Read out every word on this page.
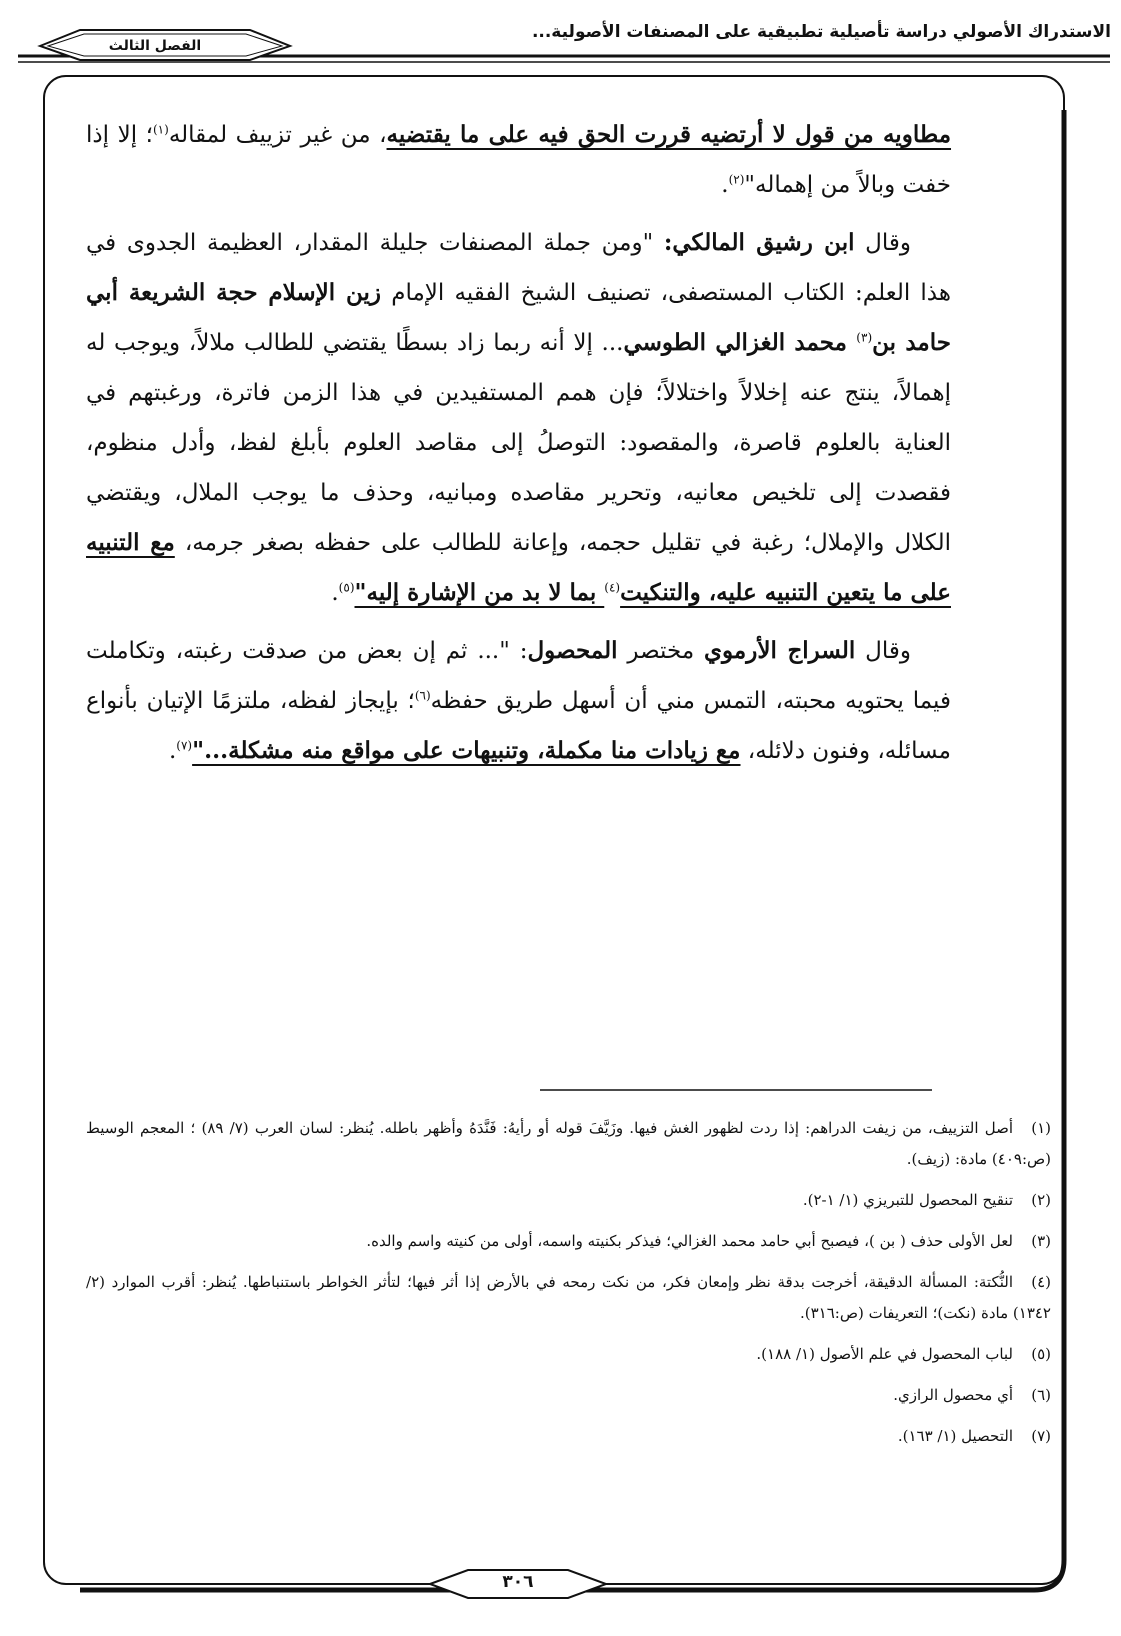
الاستدراك الأصولي دراسة تأصيلية تطبيقية على المصنفات الأصولية...
الفصل الثالث

مطاويه من قول لا أرتضيه قررت الحق فيه على ما يقتضيه، من غير تزييف لمقاله$^{(١)}$؛ إلا إذا خفت وبالاً من إهماله"$^{(٢)}$.

وقال ابن رشيق المالكي: "ومن جملة المصنفات جليلة المقدار، العظيمة الجدوى في هذا العلم: الكتاب المستصفى، تصنيف الشيخ الفقيه الإمام زين الإسلام حجة الشريعة أبي حامد بن$^{(٣)}$ محمد الغزالي الطوسي... إلا أنه ربما زاد بسطًا يقتضي للطالب ملالاً، ويوجب له إهمالاً، ينتج عنه إخلالاً واختلالاً؛ فإن همم المستفيدين في هذا الزمن فاترة، ورغبتهم في العناية بالعلوم قاصرة، والمقصود: التوصلُ إلى مقاصد العلوم بأبلغ لفظ، وأدل منظوم، فقصدت إلى تلخيص معانيه، وتحرير مقاصده ومبانيه، وحذف ما يوجب الملال، ويقتضي الكلال والإملال؛ رغبة في تقليل حجمه، وإعانة للطالب على حفظه بصغر جرمه، مع التنبيه على ما يتعين التنبيه عليه، والتنكيت$^{(٤)}$ بما لا بد من الإشارة إليه"$^{(٥)}$.

وقال السراج الأرموي مختصر المحصول: "... ثم إن بعض من صدقت رغبته، وتكاملت فيما يحتويه محبته، التمس مني أن أسهل طريق حفظه$^{(٦)}$؛ بإيجاز لفظه، ملتزمًا الإتيان بأنواع مسائله، وفنون دلائله، مع زيادات منا مكملة، وتنبيهات على مواقع منه مشكلة..."$^{(٧)}$.

(١)أصل التزييف، من زيفت الدراهم: إذا ردت لظهور الغش فيها. وزَيَّفَ قوله أو رأيهُ: فَنَّدَهُ وأظهر باطله. يُنظر: لسان العرب (٧/ ٨٩) ؛ المعجم الوسيط (ص:٤٠٩) مادة: (زيف).

(٢)تنقيح المحصول للتبريزي (١/ ١-٢).

(٣)لعل الأولى حذف ( بن )، فيصبح أبي حامد محمد الغزالي؛ فيذكر بكنيته واسمه، أولى من كنيته واسم والده.

(٤)النُّكتة: المسألة الدقيقة، أخرجت بدقة نظر وإمعان فكر، من نكت رمحه في بالأرض إذا أثر فيها؛ لتأثر الخواطر باستنباطها. يُنظر: أقرب الموارد (٢/ ١٣٤٢) مادة (نكت)؛ التعريفات (ص:٣١٦).

(٥)لباب المحصول في علم الأصول (١/ ١٨٨).

(٦)أي محصول الرازي.

(٧)التحصيل (١/ ١٦٣).

٣٠٦
